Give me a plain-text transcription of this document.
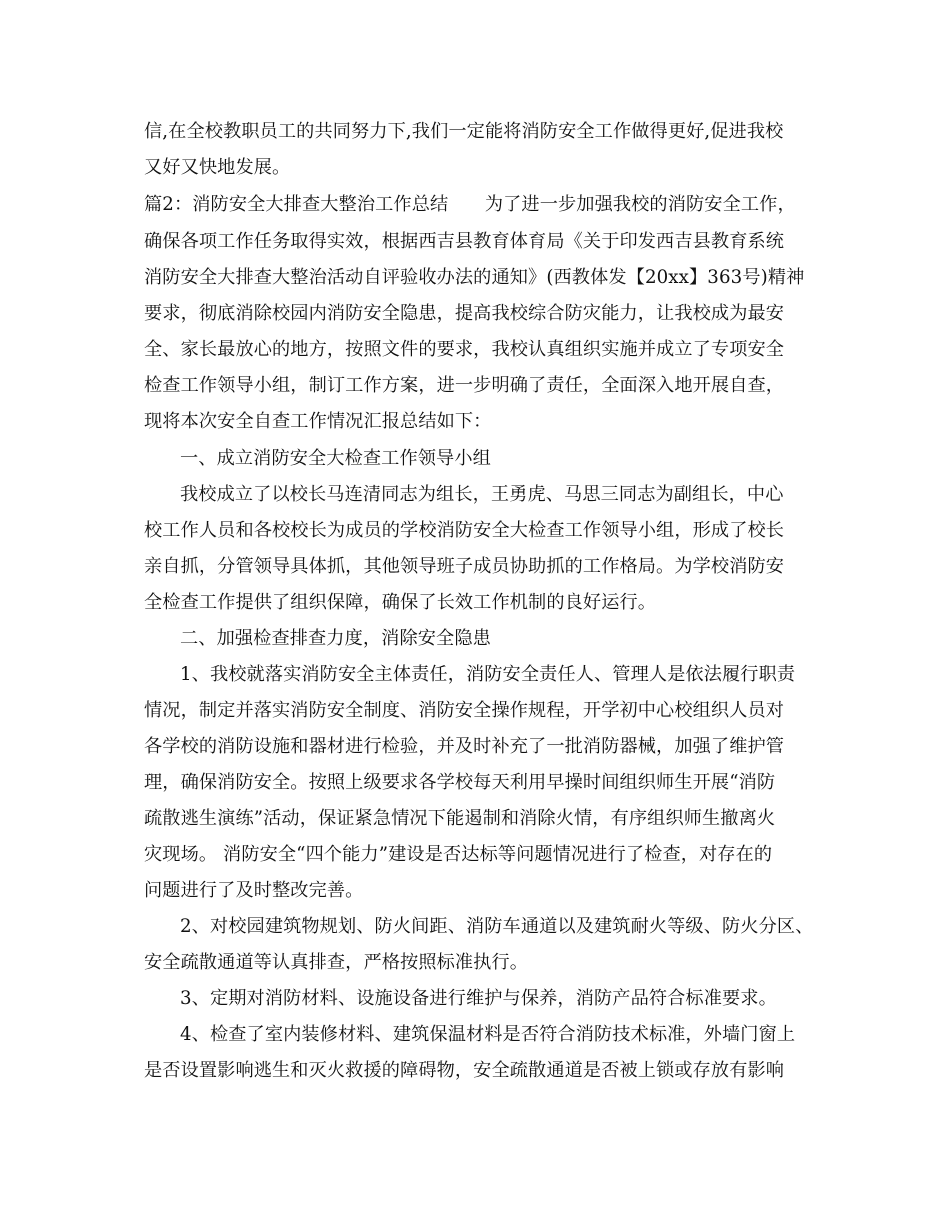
信,在全校教职员工的共同努力下,我们一定能将消防安全工作做得更好,促进我校
又好又快地发展。
篇2：消防安全大排查大整治工作总结　　为了进一步加强我校的消防安全工作，
确保各项工作任务取得实效，根据西吉县教育体育局《关于印发西吉县教育系统
消防安全大排查大整治活动自评验收办法的通知》(西教体发【20xx】363号)精神
要求，彻底消除校园内消防安全隐患，提高我校综合防灾能力，让我校成为最安
全、家长最放心的地方，按照文件的要求，我校认真组织实施并成立了专项安全
检查工作领导小组，制订工作方案，进一步明确了责任，全面深入地开展自查，
现将本次安全自查工作情况汇报总结如下：
一、成立消防安全大检查工作领导小组
我校成立了以校长马连清同志为组长，王勇虎、马思三同志为副组长，中心
校工作人员和各校校长为成员的学校消防安全大检查工作领导小组，形成了校长
亲自抓，分管领导具体抓，其他领导班子成员协助抓的工作格局。为学校消防安
全检查工作提供了组织保障，确保了长效工作机制的良好运行。
二、加强检查排查力度，消除安全隐患
1、我校就落实消防安全主体责任，消防安全责任人、管理人是依法履行职责
情况，制定并落实消防安全制度、消防安全操作规程，开学初中心校组织人员对
各学校的消防设施和器材进行检验，并及时补充了一批消防器械，加强了维护管
理，确保消防安全。按照上级要求各学校每天利用早操时间组织师生开展“消防
疏散逃生演练”活动，保证紧急情况下能遏制和消除火情，有序组织师生撤离火
灾现场。 消防安全“四个能力”建设是否达标等问题情况进行了检查，对存在的
问题进行了及时整改完善。
2、对校园建筑物规划、防火间距、消防车通道以及建筑耐火等级、防火分区、
安全疏散通道等认真排查，严格按照标准执行。
3、定期对消防材料、设施设备进行维护与保养，消防产品符合标准要求。
4、检查了室内装修材料、建筑保温材料是否符合消防技术标准，外墙门窗上
是否设置影响逃生和灭火救援的障碍物，安全疏散通道是否被上锁或存放有影响
